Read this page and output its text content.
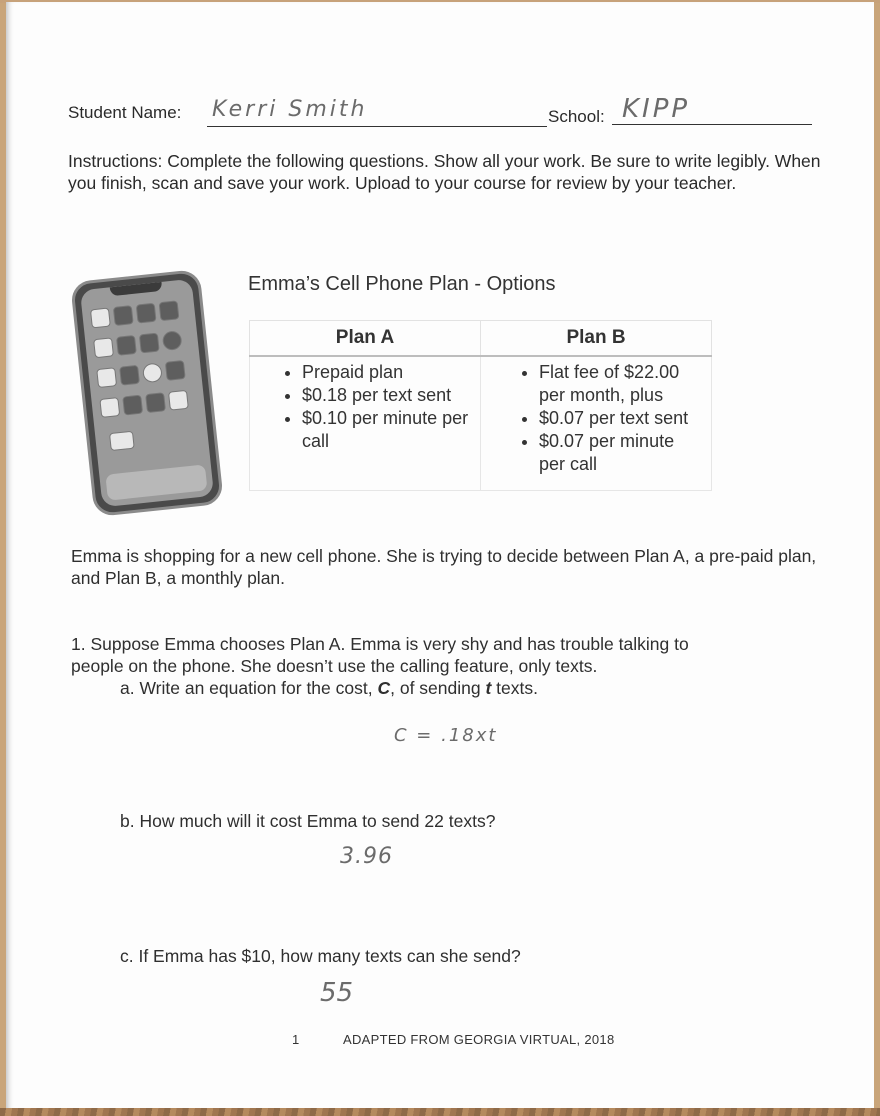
Student Name: Kerri Smith	School: KIPP
Instructions: Complete the following questions. Show all your work. Be sure to write legibly. When you finish, scan and save your work. Upload to your course for review by your teacher.
Emma’s Cell Phone Plan - Options
Plan A	Plan B

• Prepaid plan
• $0.18 per text sent
• $0.10 per minute per call

• Flat fee of $22.00 per month, plus
• $0.07 per text sent
• $0.07 per minute per call
Emma is shopping for a new cell phone. She is trying to decide between Plan A, a pre-paid plan, and Plan B, a monthly plan.
1. Suppose Emma chooses Plan A. Emma is very shy and has trouble talking to
people on the phone. She doesn’t use the calling feature, only texts.
a. Write an equation for the cost, C, of sending t texts.
C = .18xt
b. How much will it cost Emma to send 22 texts?
3.96
c. If Emma has $10, how many texts can she send?
55
1	ADAPTED FROM GEORGIA VIRTUAL, 2018
